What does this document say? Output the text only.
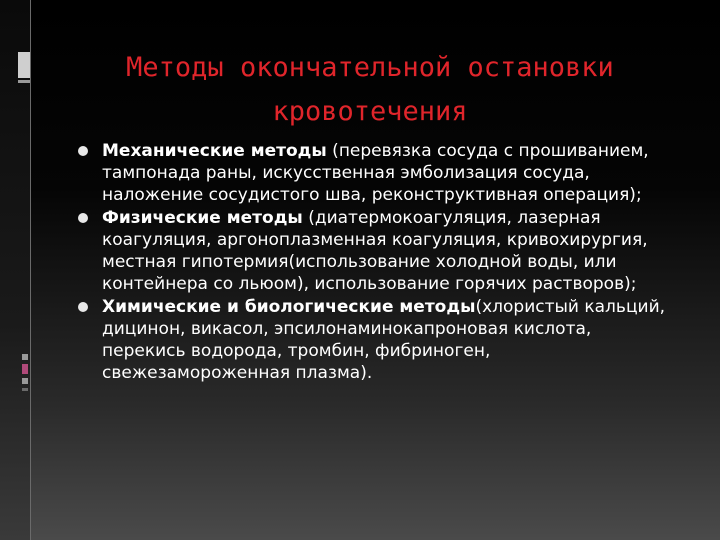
Методы окончательной остановки кровотечения
Механические методы (перевязка сосуда с прошиванием, тампонада раны, искусственная эмболизация сосуда, наложение сосудистого шва, реконструктивная операция);
Физические методы (диатермокоагуляция, лазерная коагуляция, аргоноплазменная коагуляция, кривохирургия, местная гипотермия(использование холодной воды, или контейнера со льюом), использование горячих растворов);
Химические и биологические методы(хлористый кальций, дицинон, викасол, эпсилонаминокапроновая кислота, перекись водорода, тромбин, фибриноген, свежезамороженная плазма).
